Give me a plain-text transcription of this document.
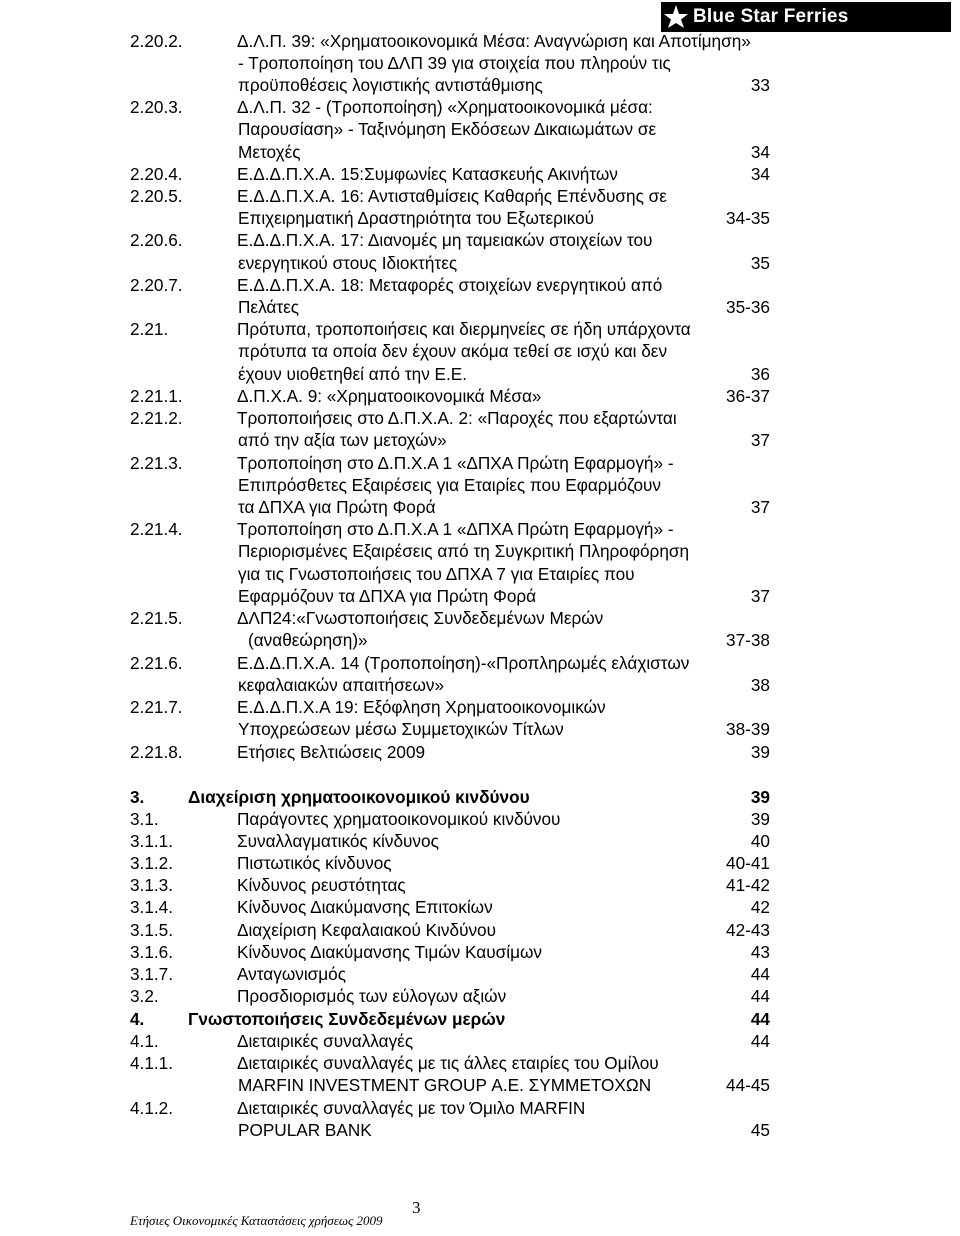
Blue Star Ferries
2.20.2.	Δ.Λ.Π. 39: «Χρηματοοικονομικά Μέσα: Αναγνώριση και Αποτίμηση»
- Τροποποίηση του ΔΛΠ 39 για στοιχεία που πληρούν τις
προϋποθέσεις λογιστικής αντιστάθμισης	33
2.20.3.	Δ.Λ.Π. 32 - (Τροποποίηση) «Χρηματοοικονομικά μέσα:
Παρουσίαση» - Ταξινόμηση Εκδόσεων Δικαιωμάτων σε
Μετοχές	34
2.20.4.	Ε.Δ.Δ.Π.Χ.Α. 15:Συμφωνίες Κατασκευής Ακινήτων	34
2.20.5.	Ε.Δ.Δ.Π.Χ.Α. 16: Αντισταθμίσεις Καθαρής Επένδυσης σε
Επιχειρηματική Δραστηριότητα του Εξωτερικού	34-35
2.20.6.	Ε.Δ.Δ.Π.Χ.Α. 17: Διανομές μη ταμειακών στοιχείων του
ενεργητικού στους Ιδιοκτήτες	35
2.20.7.	Ε.Δ.Δ.Π.Χ.Α. 18: Μεταφορές στοιχείων ενεργητικού από
Πελάτες	35-36
2.21.	Πρότυπα, τροποποιήσεις και διερμηνείες σε ήδη υπάρχοντα
πρότυπα τα οποία δεν έχουν ακόμα τεθεί σε ισχύ και δεν
έχουν υιοθετηθεί από την Ε.Ε.	36
2.21.1.	Δ.Π.Χ.Α. 9: «Χρηματοοικονομικά Μέσα»	36-37
2.21.2.	Τροποποιήσεις στο Δ.Π.Χ.Α. 2: «Παροχές που εξαρτώνται
από την αξία των μετοχών»	37
2.21.3.	Τροποποίηση στο Δ.Π.Χ.Α 1 «ΔΠΧΑ Πρώτη Εφαρμογή» -
Επιπρόσθετες Εξαιρέσεις για Εταιρίες που Εφαρμόζουν
τα ΔΠΧΑ για Πρώτη Φορά	37
2.21.4.	Τροποποίηση στο Δ.Π.Χ.Α 1 «ΔΠΧΑ Πρώτη Εφαρμογή» -
Περιορισμένες Εξαιρέσεις από τη Συγκριτική Πληροφόρηση
για τις Γνωστοποιήσεις του ΔΠΧΑ 7 για Εταιρίες που
Εφαρμόζουν τα ΔΠΧΑ για Πρώτη Φορά	37
2.21.5.	ΔΛΠ24:«Γνωστοποιήσεις Συνδεδεμένων Μερών
(αναθεώρηση)»	37-38
2.21.6.	Ε.Δ.Δ.Π.Χ.Α. 14 (Τροποποίηση)-«Προπληρωμές ελάχιστων
κεφαλαιακών απαιτήσεων»	38
2.21.7.	Ε.Δ.Δ.Π.Χ.Α 19: Εξόφληση Χρηματοοικονομικών
Υποχρεώσεων μέσω Συμμετοχικών Τίτλων	38-39
2.21.8.	Ετήσιες Βελτιώσεις 2009	39
3.	Διαχείριση χρηματοοικονομικού κινδύνου	39
3.1.	Παράγοντες χρηματοοικονομικού κινδύνου	39
3.1.1.	Συναλλαγματικός κίνδυνος	40
3.1.2.	Πιστωτικός κίνδυνος	40-41
3.1.3.	Κίνδυνος ρευστότητας	41-42
3.1.4.	Κίνδυνος Διακύμανσης Επιτοκίων	42
3.1.5.	Διαχείριση Κεφαλαιακού Κινδύνου	42-43
3.1.6.	Κίνδυνος Διακύμανσης Τιμών Καυσίμων	43
3.1.7.	Ανταγωνισμός	44
3.2.	Προσδιορισμός των εύλογων αξιών	44
4.	Γνωστοποιήσεις Συνδεδεμένων μερών	44
4.1.	Διεταιρικές συναλλαγές	44
4.1.1.	Διεταιρικές συναλλαγές με τις άλλες εταιρίες του Ομίλου
MARFIN INVESTMENT GROUP Α.Ε. ΣΥΜΜΕΤΟΧΩΝ	44-45
4.1.2.	Διεταιρικές συναλλαγές με τον Όμιλο MARFIN
POPULAR BANK	45
3
Ετήσιες Οικονομικές Καταστάσεις χρήσεως 2009
